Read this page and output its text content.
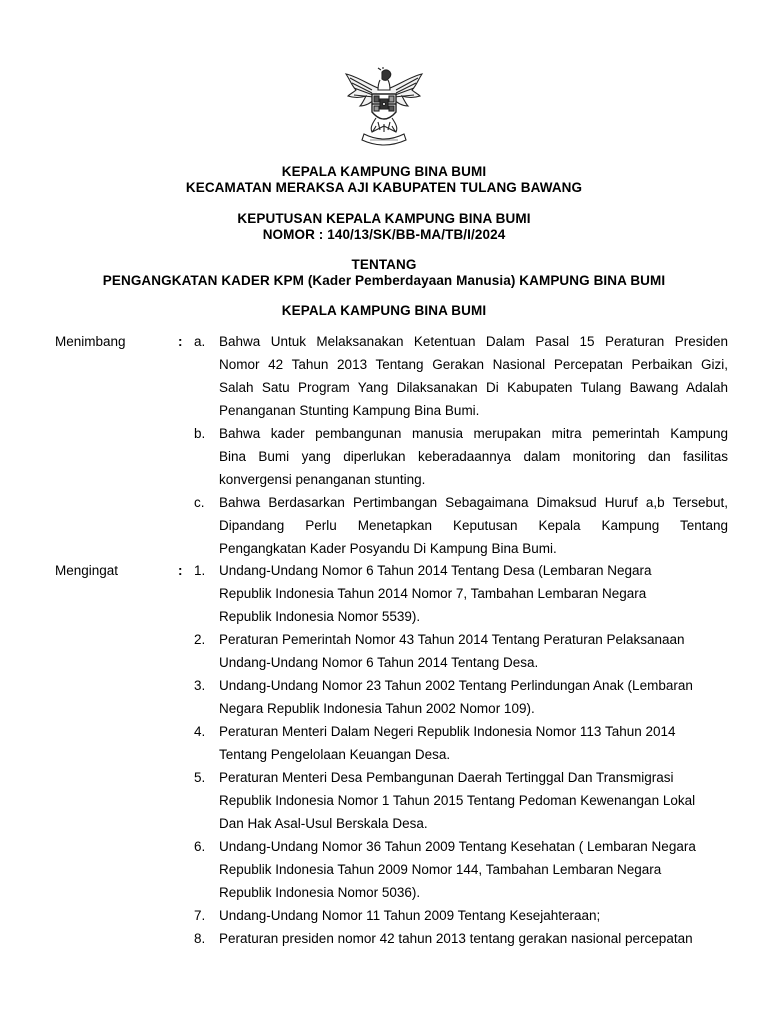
KEPALA KAMPUNG BINA BUMI
KECAMATAN MERAKSA AJI KABUPATEN TULANG BAWANG
KEPUTUSAN KEPALA KAMPUNG BINA BUMI
NOMOR : 140/13/SK/BB-MA/TB/I/2024
TENTANG
PENGANGKATAN KADER KPM (Kader Pemberdayaan Manusia) KAMPUNG BINA BUMI
KEPALA KAMPUNG BINA BUMI
Menimbang	: a.	Bahwa Untuk Melaksanakan Ketentuan Dalam Pasal 15 Peraturan Presiden
Nomor 42 Tahun 2013 Tentang Gerakan Nasional Percepatan Perbaikan Gizi,
Salah Satu Program Yang Dilaksanakan Di Kabupaten Tulang Bawang Adalah
Penanganan Stunting Kampung Bina Bumi.
b.	Bahwa kader pembangunan manusia merupakan mitra pemerintah Kampung
Bina Bumi yang diperlukan keberadaannya dalam monitoring dan fasilitas
konvergensi penanganan stunting.
c.	Bahwa Berdasarkan Pertimbangan Sebagaimana Dimaksud Huruf a,b Tersebut,
Dipandang Perlu Menetapkan Keputusan Kepala Kampung Tentang
Pengangkatan Kader Posyandu Di Kampung Bina Bumi.
Mengingat	: 1.	Undang-Undang Nomor 6 Tahun 2014 Tentang Desa (Lembaran Negara
Republik Indonesia Tahun 2014 Nomor 7, Tambahan Lembaran Negara
Republik Indonesia Nomor 5539).
2.	Peraturan Pemerintah Nomor 43 Tahun 2014 Tentang Peraturan Pelaksanaan
Undang-Undang Nomor 6 Tahun 2014 Tentang Desa.
3.	Undang-Undang Nomor 23 Tahun 2002 Tentang Perlindungan Anak (Lembaran
Negara Republik Indonesia Tahun 2002 Nomor 109).
4.	Peraturan Menteri Dalam Negeri Republik Indonesia Nomor 113 Tahun 2014
Tentang Pengelolaan Keuangan Desa.
5.	Peraturan Menteri Desa Pembangunan Daerah Tertinggal Dan Transmigrasi
Republik Indonesia Nomor 1 Tahun 2015 Tentang Pedoman Kewenangan Lokal
Dan Hak Asal-Usul Berskala Desa.
6.	Undang-Undang Nomor 36 Tahun 2009 Tentang Kesehatan ( Lembaran Negara
Republik Indonesia Tahun 2009 Nomor 144, Tambahan Lembaran Negara
Republik Indonesia Nomor 5036).
7.	Undang-Undang Nomor 11 Tahun 2009 Tentang Kesejahteraan;
8.	Peraturan presiden nomor 42 tahun 2013 tentang gerakan nasional percepatan
